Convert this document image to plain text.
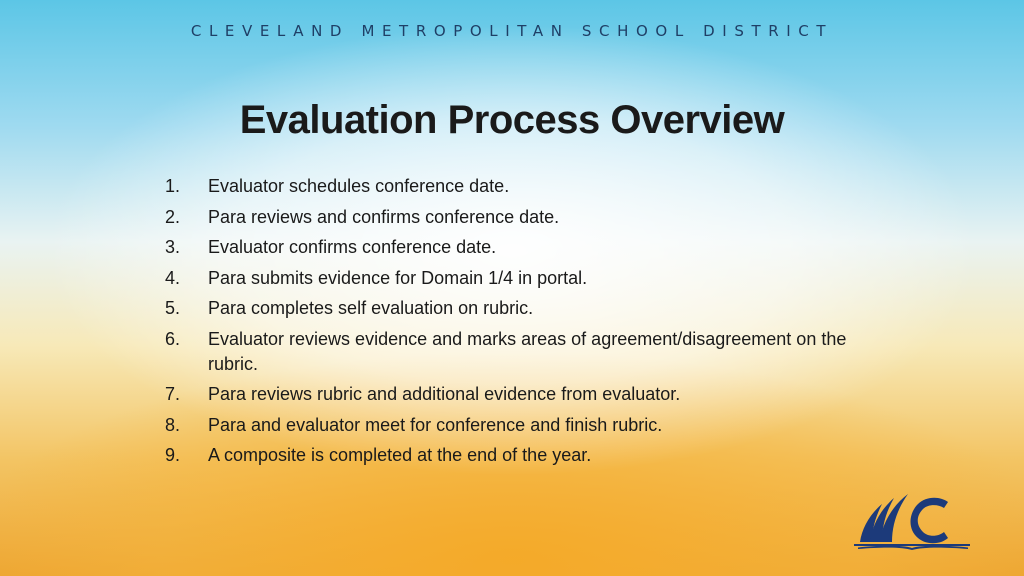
CLEVELAND METROPOLITAN SCHOOL DISTRICT
Evaluation Process Overview
1. Evaluator schedules conference date.
2. Para reviews and confirms conference date.
3. Evaluator confirms conference date.
4. Para submits evidence for Domain 1/4 in portal.
5. Para completes self evaluation on rubric.
6. Evaluator reviews evidence and marks areas of agreement/disagreement on the rubric.
7. Para reviews rubric and additional evidence from evaluator.
8. Para and evaluator meet for conference and finish rubric.
9. A composite is completed at the end of the year.
